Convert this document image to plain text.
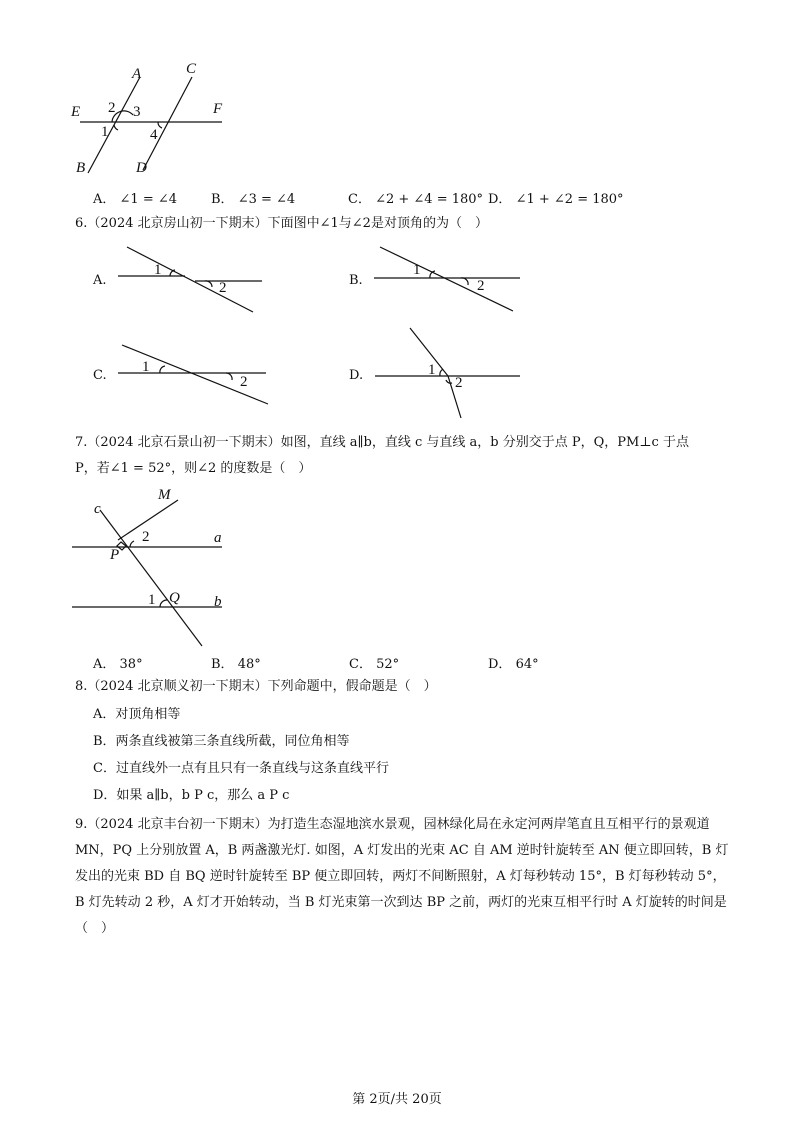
A	C
E	F
2 3
1	4
B	D
A． ∠1 = ∠4	B． ∠3 = ∠4	C． ∠2 + ∠4 = 180° D． ∠1 + ∠2 = 180°
6.（2024 北京房山初一下期末）下面图中∠1与∠2是对顶角的为（　）
A.
1
2	B.
1
2
C.
1
2	D.	1
2
7.（2024 北京石景山初一下期末）如图，直线 a∥b，直线 c 与直线 a，b 分别交于点 P，Q，PM⊥c 于点
P，若∠1 = 52°，则∠2 的度数是（　）
c
M
2	a
P
1 Q b
A． 38°	B． 48°	C． 52°	D． 64°
8.（2024 北京顺义初一下期末）下列命题中，假命题是（　）
A．对顶角相等
B．两条直线被第三条直线所截，同位角相等
C．过直线外一点有且只有一条直线与这条直线平行
D．如果 a∥b，b P c，那么 a P c
9.（2024 北京丰台初一下期末）为打造生态湿地滨水景观，园林绿化局在永定河两岸笔直且互相平行的景观道 MN，PQ 上分别放置 A，B 两盏激光灯. 如图，A 灯发出的光束 AC 自 AM 逆时针旋转至 AN 便立即回转，B 灯发出的光束 BD 自 BQ 逆时针旋转至 BP 便立即回转，两灯不间断照射，A 灯每秒转动 15°，B 灯每秒转动 5°，B 灯先转动 2 秒，A 灯才开始转动，当 B 灯光束第一次到达 BP 之前，两灯的光束互相平行时 A 灯旋转的时间是（　）
第 2页/共 20页
